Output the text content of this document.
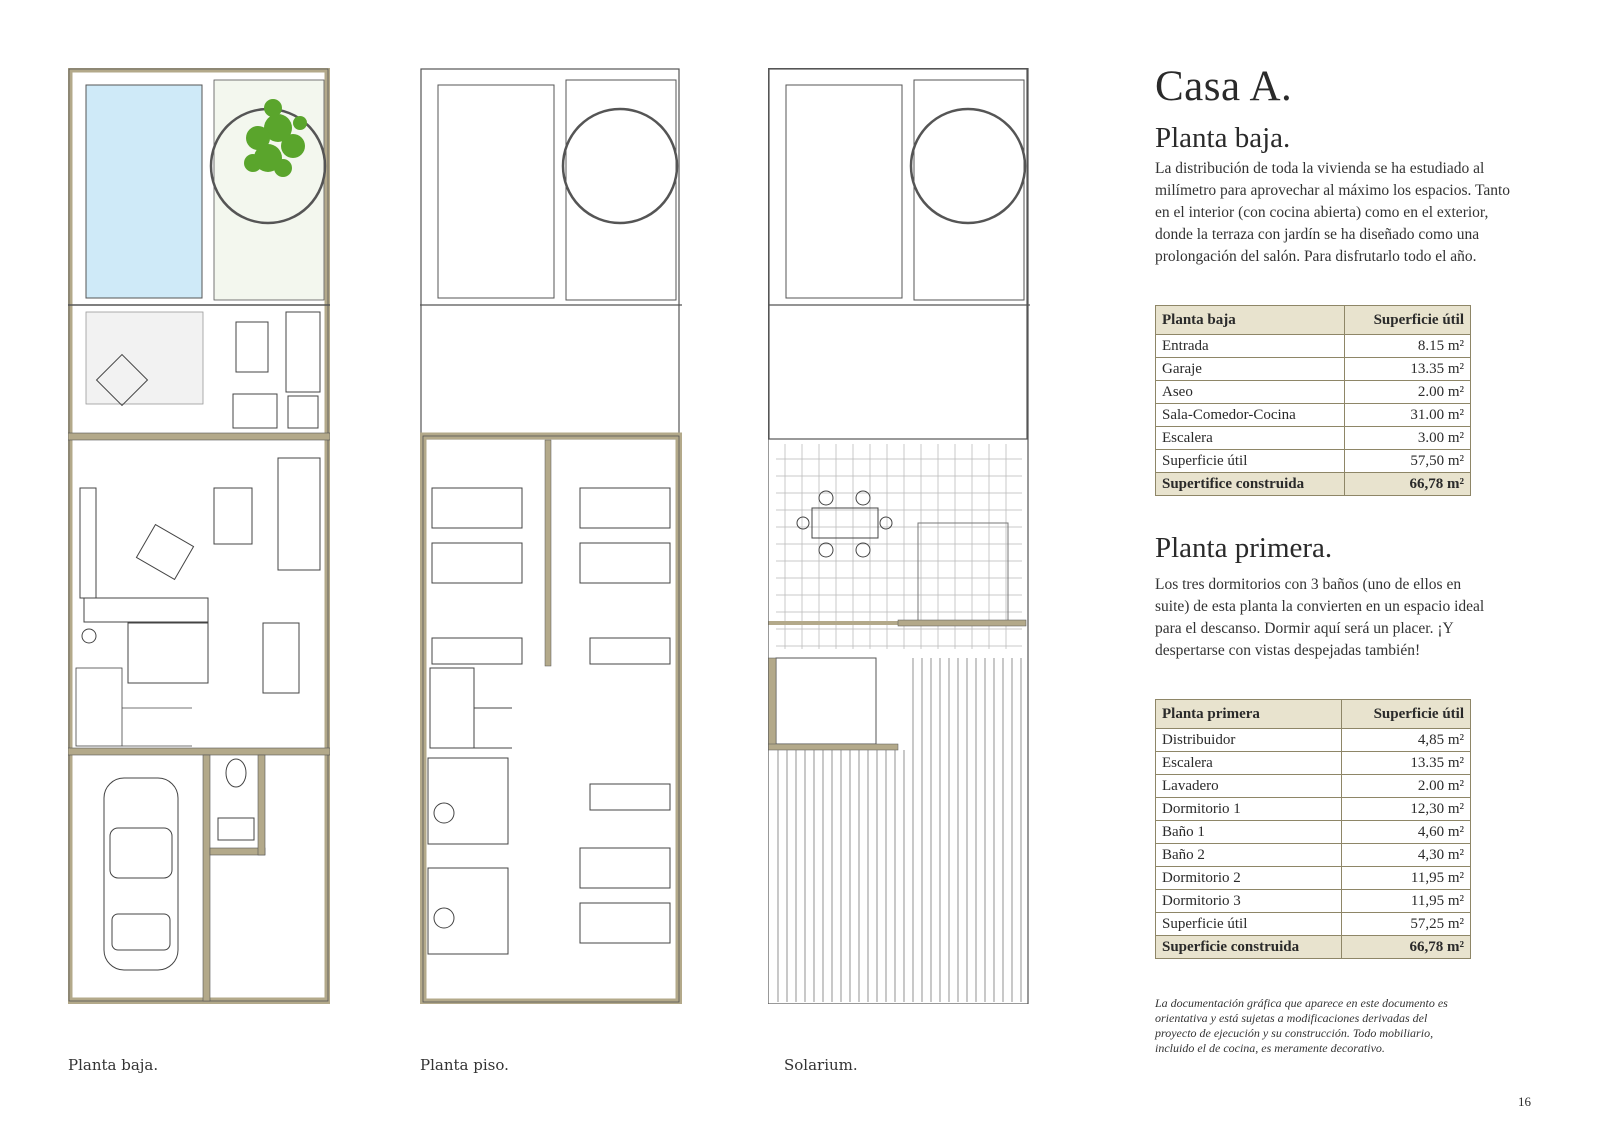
Planta baja.	Planta piso.	Solarium.
Casa A.
Planta baja.
La distribución de toda la vivienda se ha estudiado al milímetro para aprovechar al máximo los espacios. Tanto en el interior (con cocina abierta) como en el exterior, donde la terraza con jardín se ha diseñado como una prolongación del salón. Para disfrutarlo todo el año.
Planta baja	Superficie útil
Entrada	8.15 m²
Garaje	13.35 m²
Aseo	2.00 m²
Sala-Comedor-Cocina	31.00 m²
Escalera	3.00 m²
Superficie útil	57,50 m²
Supertifice construida	66,78 m²
Planta primera.
Los tres dormitorios con 3 baños (uno de ellos en suite) de esta planta la convierten en un espacio ideal para el descanso. Dormir aquí será un placer. ¡Y despertarse con vistas despejadas también!
Planta primera	Superficie útil
Distribuidor	4,85 m²
Escalera	13.35 m²
Lavadero	2.00 m²
Dormitorio 1	12,30 m²
Baño 1	4,60 m²
Baño 2	4,30 m²
Dormitorio 2	11,95 m²
Dormitorio 3	11,95 m²
Superficie útil	57,25 m²
Superficie construida	66,78 m²
La documentación gráfica que aparece en este documento es orientativa y está sujetas a modificaciones derivadas del proyecto de ejecución y su construcción. Todo mobiliario, incluido el de cocina, es meramente decorativo.
16
